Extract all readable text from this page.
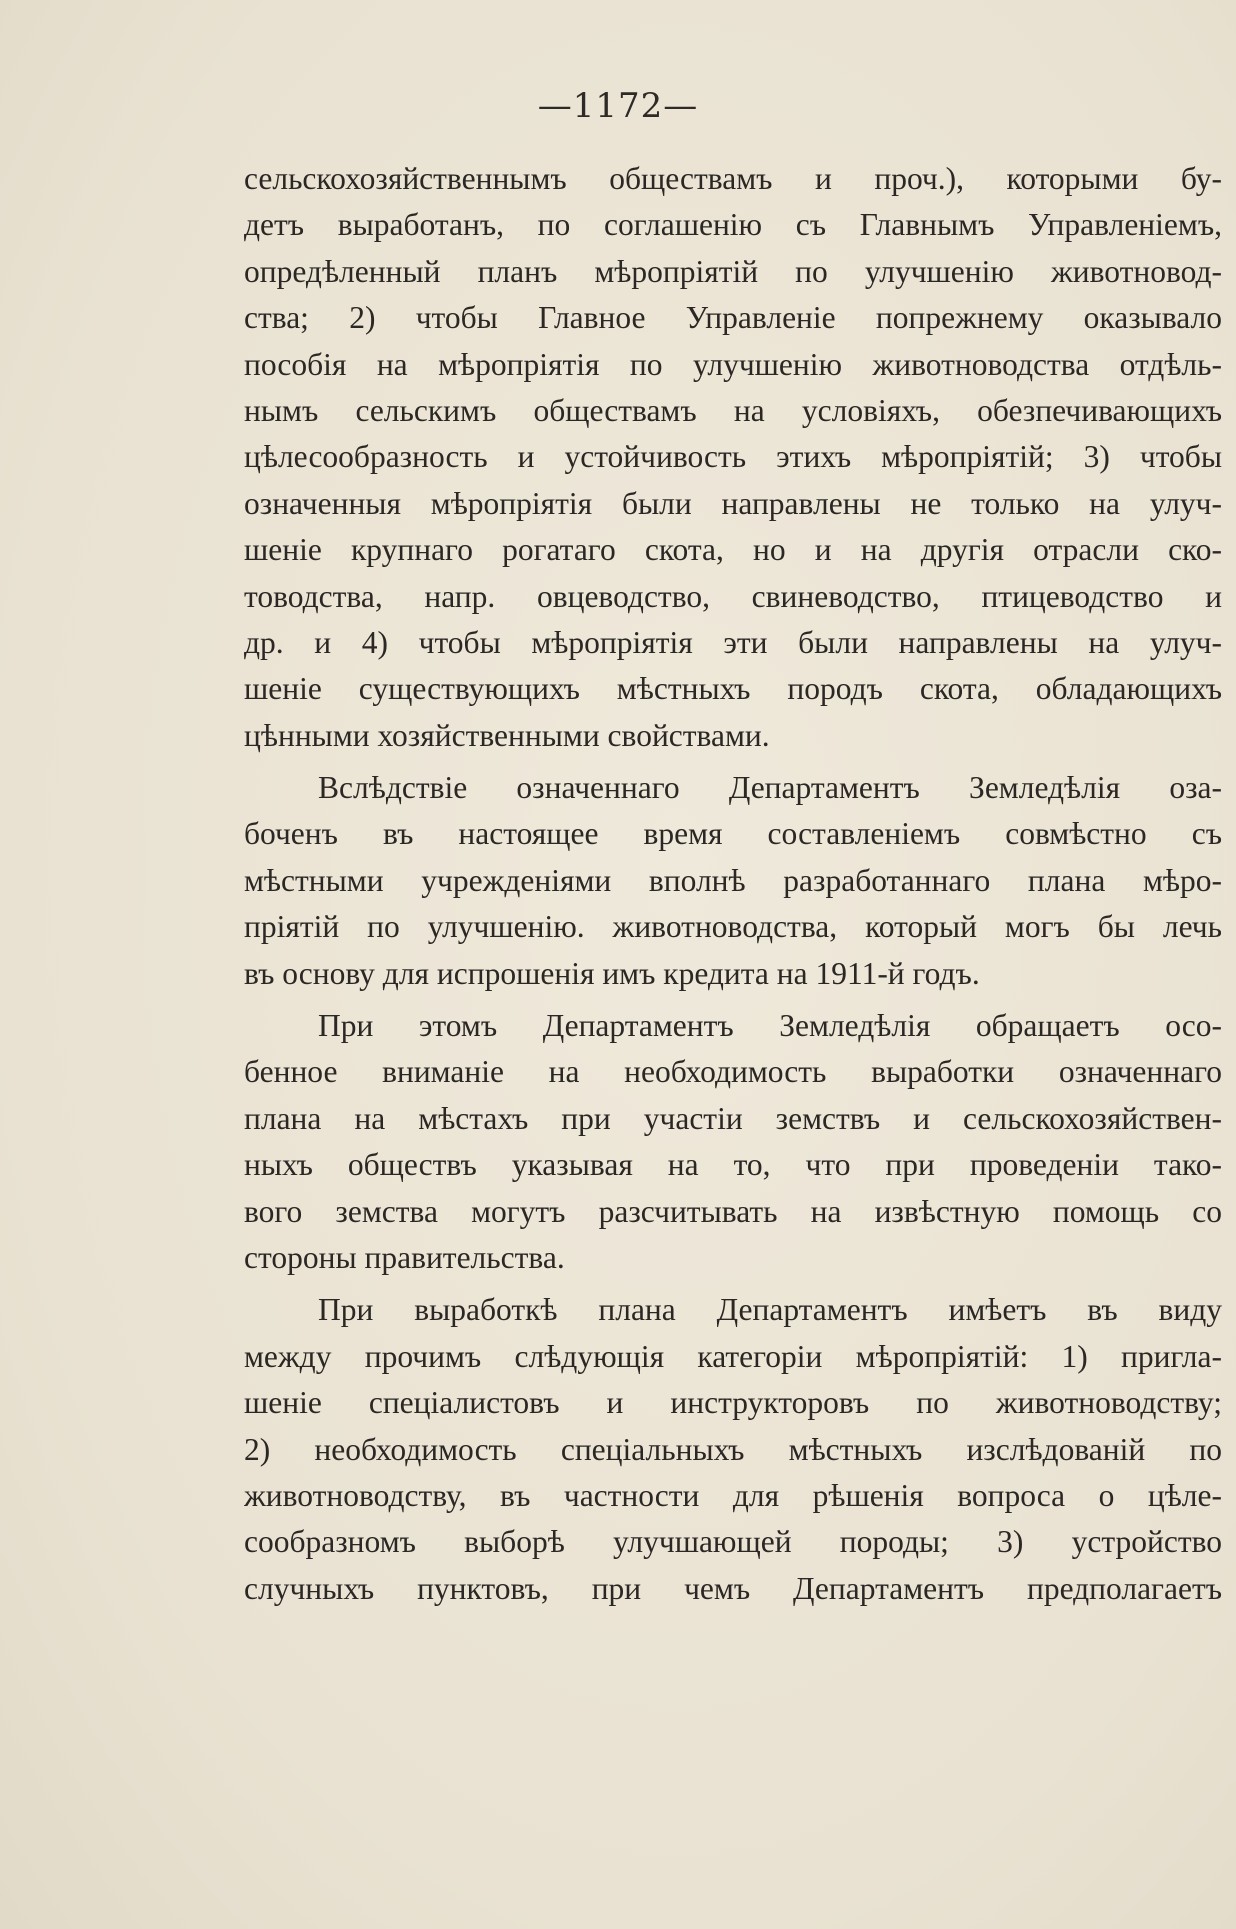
—1172—
сельскохозяйственнымъ обществамъ и проч.), которыми бу-
детъ выработанъ, по соглашенію съ Главнымъ Управленіемъ,
опредѣленный планъ мѣропріятій по улучшенію животновод-
ства; 2) чтобы Главное Управленіе попрежнему оказывало
пособія на мѣропріятія по улучшенію животноводства отдѣль-
нымъ сельскимъ обществамъ на условіяхъ, обезпечивающихъ
цѣлесообразность и устойчивость этихъ мѣропріятій; 3) чтобы
означенныя мѣропріятія были направлены не только на улуч-
шеніе крупнаго рогатаго скота, но и на другія отрасли ско-
товодства, напр. овцеводство, свиневодство, птицеводство и
др. и 4) чтобы мѣропріятія эти были направлены на улуч-
шеніе существующихъ мѣстныхъ породъ скота, обладающихъ
цѣнными хозяйственными свойствами.
Вслѣдствіе означеннаго Департаментъ Земледѣлія оза-
боченъ въ настоящее время составленіемъ совмѣстно съ
мѣстными учрежденіями вполнѣ разработаннаго плана мѣро-
пріятій по улучшенію. животноводства, который могъ бы лечь
въ основу для испрошенія имъ кредита на 1911-й годъ.
При этомъ Департаментъ Земледѣлія обращаетъ осо-
бенное вниманіе на необходимость выработки означеннаго
плана на мѣстахъ при участіи земствъ и сельскохозяйствен-
ныхъ обществъ указывая на то, что при проведеніи тако-
вого земства могутъ разсчитывать на извѣстную помощь со
стороны правительства.
При выработкѣ плана Департаментъ имѣетъ въ виду
между прочимъ слѣдующія категоріи мѣропріятій: 1) пригла-
шеніе спеціалистовъ и инструкторовъ по животноводству;
2) необходимость спеціальныхъ мѣстныхъ изслѣдованій по
животноводству, въ частности для рѣшенія вопроса о цѣле-
сообразномъ выборѣ улучшающей породы; 3) устройство
случныхъ пунктовъ, при чемъ Департаментъ предполагаетъ
